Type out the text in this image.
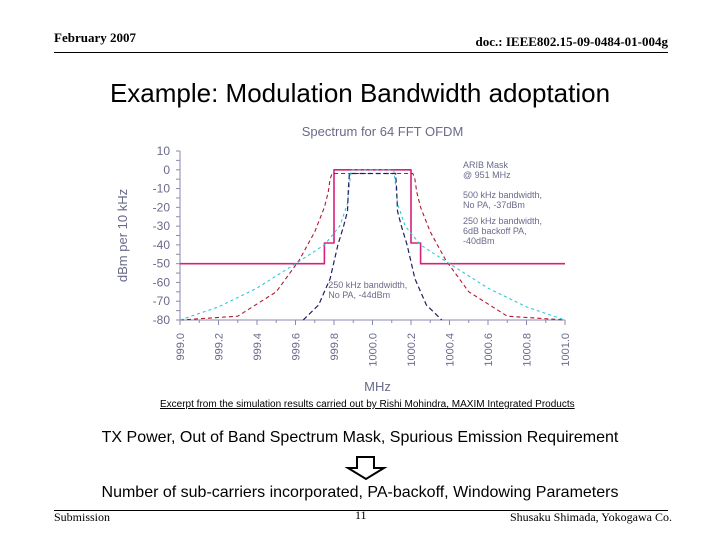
February 2007	doc.: IEEE802.15-09-0484-01-004g
Example: Modulation Bandwidth adoptation
Spectrum for 64 FFT OFDM
10
0
-10
-20
-30
-40
-50
-60
-70
-80
999.0 999.2 999.4 999.6 999.8 1000.0 1000.2 1000.4 1000.6 1000.8 1001.0
dBm per 10 kHz
MHz
ARIB Mask @ 951 MHz
500 kHz bandwidth, No PA, -37dBm
250 kHz bandwidth, 6dB backoff PA, -40dBm
250 kHz bandwidth, No PA, -44dBm
Excerpt from the simulation results carried out by Rishi Mohindra, MAXIM Integrated Products
TX Power, Out of Band Spectrum Mask, Spurious Emission Requirement
Number of sub-carriers incorporated, PA-backoff, Windowing Parameters
Submission	11	Shusaku Shimada, Yokogawa Co.
